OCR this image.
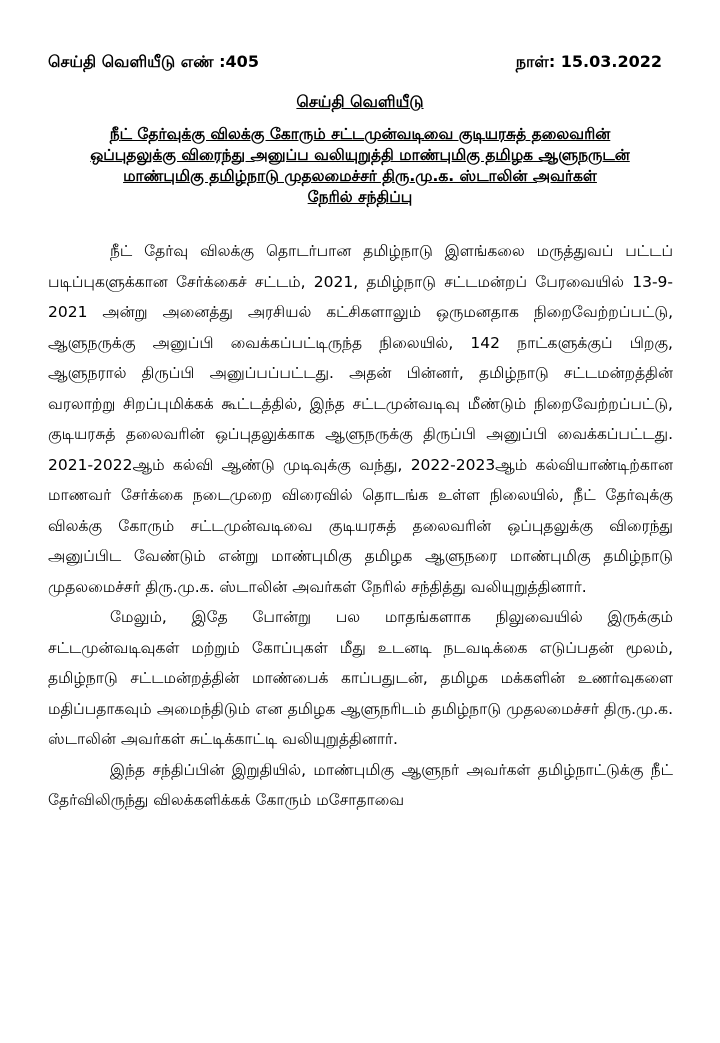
செய்தி வெளியீடு எண் :405	நாள்: 15.03.2022
செய்தி வெளியீடு
நீட் தேர்வுக்கு விலக்கு கோரும் சட்டமுன்வடிவை குடியரசுத் தலைவரின்
ஒப்புதலுக்கு விரைந்து அனுப்ப வலியுறுத்தி மாண்புமிகு தமிழக ஆளுநருடன்
மாண்புமிகு தமிழ்நாடு முதலமைச்சர் திரு.மு.க. ஸ்டாலின் அவர்கள்
நேரில் சந்திப்பு

நீட் தேர்வு விலக்கு தொடர்பான தமிழ்நாடு இளங்கலை மருத்துவப் பட்டப் படிப்புகளுக்கான சேர்க்கைச் சட்டம், 2021, தமிழ்நாடு சட்டமன்றப் பேரவையில் 13-9-2021 அன்று அனைத்து அரசியல் கட்சிகளாலும் ஒருமனதாக நிறைவேற்றப்பட்டு, ஆளுநருக்கு அனுப்பி வைக்கப்பட்டிருந்த நிலையில், 142 நாட்களுக்குப் பிறகு, ஆளுநரால் திருப்பி அனுப்பப்பட்டது. அதன் பின்னர், தமிழ்நாடு சட்டமன்றத்தின் வரலாற்று சிறப்புமிக்கக் கூட்டத்தில், இந்த சட்டமுன்வடிவு மீண்டும் நிறைவேற்றப்பட்டு, குடியரசுத் தலைவரின் ஒப்புதலுக்காக ஆளுநருக்கு திருப்பி அனுப்பி வைக்கப்பட்டது. 2021-2022ஆம் கல்வி ஆண்டு முடிவுக்கு வந்து, 2022-2023ஆம் கல்வியாண்டிற்கான மாணவர் சேர்க்கை நடைமுறை விரைவில் தொடங்க உள்ள நிலையில், நீட் தேர்வுக்கு விலக்கு கோரும் சட்டமுன்வடிவை குடியரசுத் தலைவரின் ஒப்புதலுக்கு விரைந்து அனுப்பிட வேண்டும் என்று மாண்புமிகு தமிழக ஆளுநரை மாண்புமிகு தமிழ்நாடு முதலமைச்சர் திரு.மு.க. ஸ்டாலின் அவர்கள் நேரில் சந்தித்து வலியுறுத்தினார்.

மேலும், இதே போன்று பல மாதங்களாக நிலுவையில் இருக்கும் சட்டமுன்வடிவுகள் மற்றும் கோப்புகள் மீது உடனடி நடவடிக்கை எடுப்பதன் மூலம், தமிழ்நாடு சட்டமன்றத்தின் மாண்பைக் காப்பதுடன், தமிழக மக்களின் உணர்வுகளை மதிப்பதாகவும் அமைந்திடும் என தமிழக ஆளுநரிடம் தமிழ்நாடு முதலமைச்சர் திரு.மு.க. ஸ்டாலின் அவர்கள் சுட்டிக்காட்டி வலியுறுத்தினார்.

இந்த சந்திப்பின் இறுதியில், மாண்புமிகு ஆளுநர் அவர்கள் தமிழ்நாட்டுக்கு நீட் தேர்விலிருந்து விலக்களிக்கக் கோரும் மசோதாவை
